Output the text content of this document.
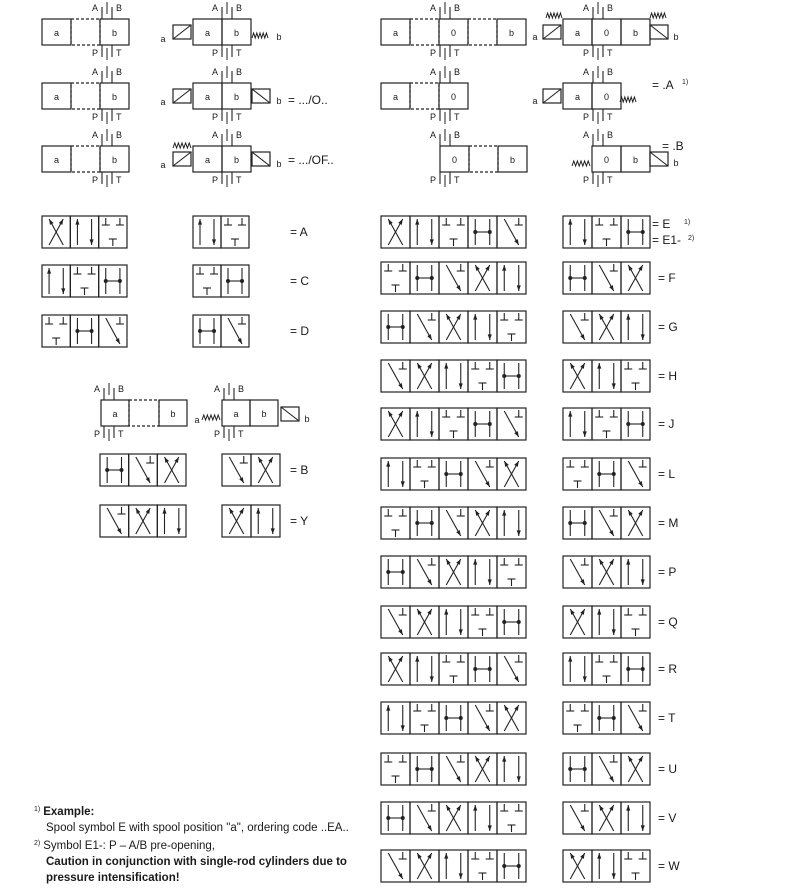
a	b
A B
P T
a	b
A B
P T
a	b	a	0	b
A B
P T
a	0	b
A B
P T
a	b
a	b
A B
P T
a	b
A B
P T
a	b = .../O..	a	0
A B
P T
a	0
A B
P T
a
= .A 1)
a	b
A B
P T
a	b
A B
P T
a	b = .../OF..	0	b
A B
P T
0	b
A B
P T
b
= .B
= A
= C
= D
a	b
A B
P T
a	b
A B
P T
a	b
= B
= Y
= E 1)
= E1- 2)
= F
= G
= H
= J
= L
= M
= P
= Q
= R
= T
= U
= V
= W
$^{1)}$ Example:
Spool symbol E with spool position "a", ordering code ..EA..
$^{2)}$ Symbol E1-: P – A/B pre-opening,
Caution in conjunction with single-rod cylinders due to pressure intensification!
